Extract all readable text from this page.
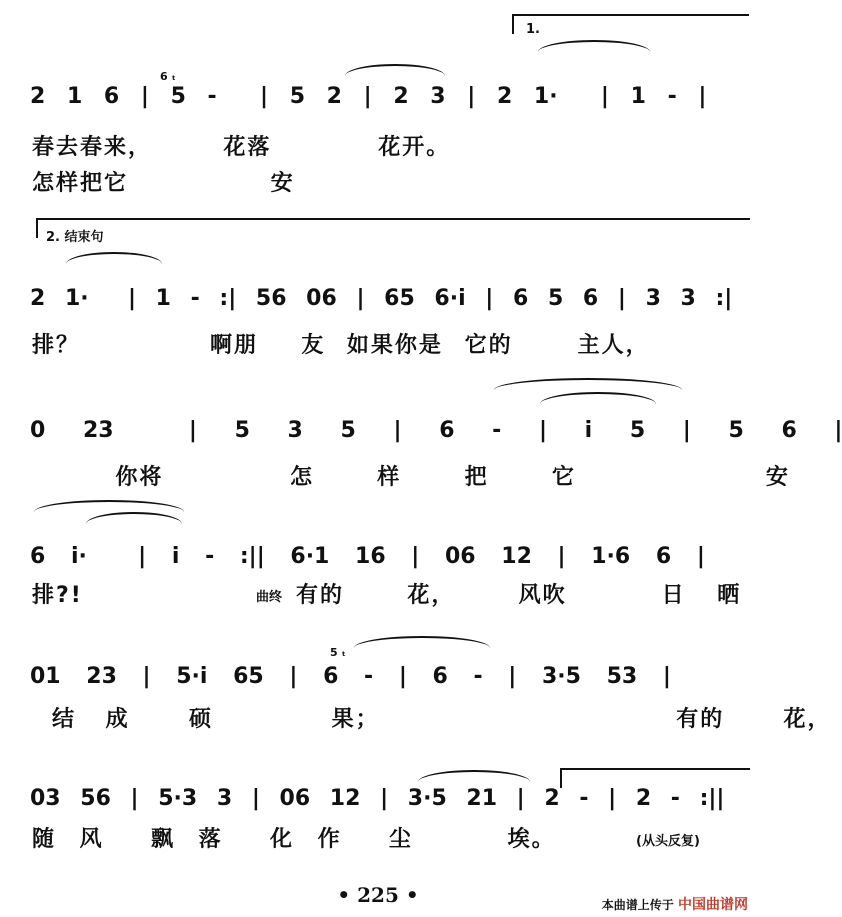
1.
6 ₜ
2 1 6 | 5 -  | 5 2 | 2 3 | 2 1·  | 1 - |
春去春来，  花落   花开。
怎样把它    安
2. 结束句
2 1·  | 1 - :| 56 06 | 65 6·i | 6 5 6 | 3 3 :|
排？      啊朋  友 如果你是 它的   主人，
0 23  | 5 3 5 | 6 - | i 5 | 5 6 |
你将    怎  样  把  它      安
6 i·  | i - :|| 6·1 16 | 06 12 | 1·6 6 |
排?!	曲终 有的  花，  风吹   日 晒
5 ₜ
01 23 | 5·i 65 | 6 - | 6 - | 3·5 53 |
结 成  硕    果；          有的  花，
03 56 | 5·3 3 | 06 12 | 3·5 21 | 2 - | 2 - :||
随 风  飘 落  化 作  尘    埃。	(从头反复)
• 225 •	本曲谱上传于 中国曲谱网
